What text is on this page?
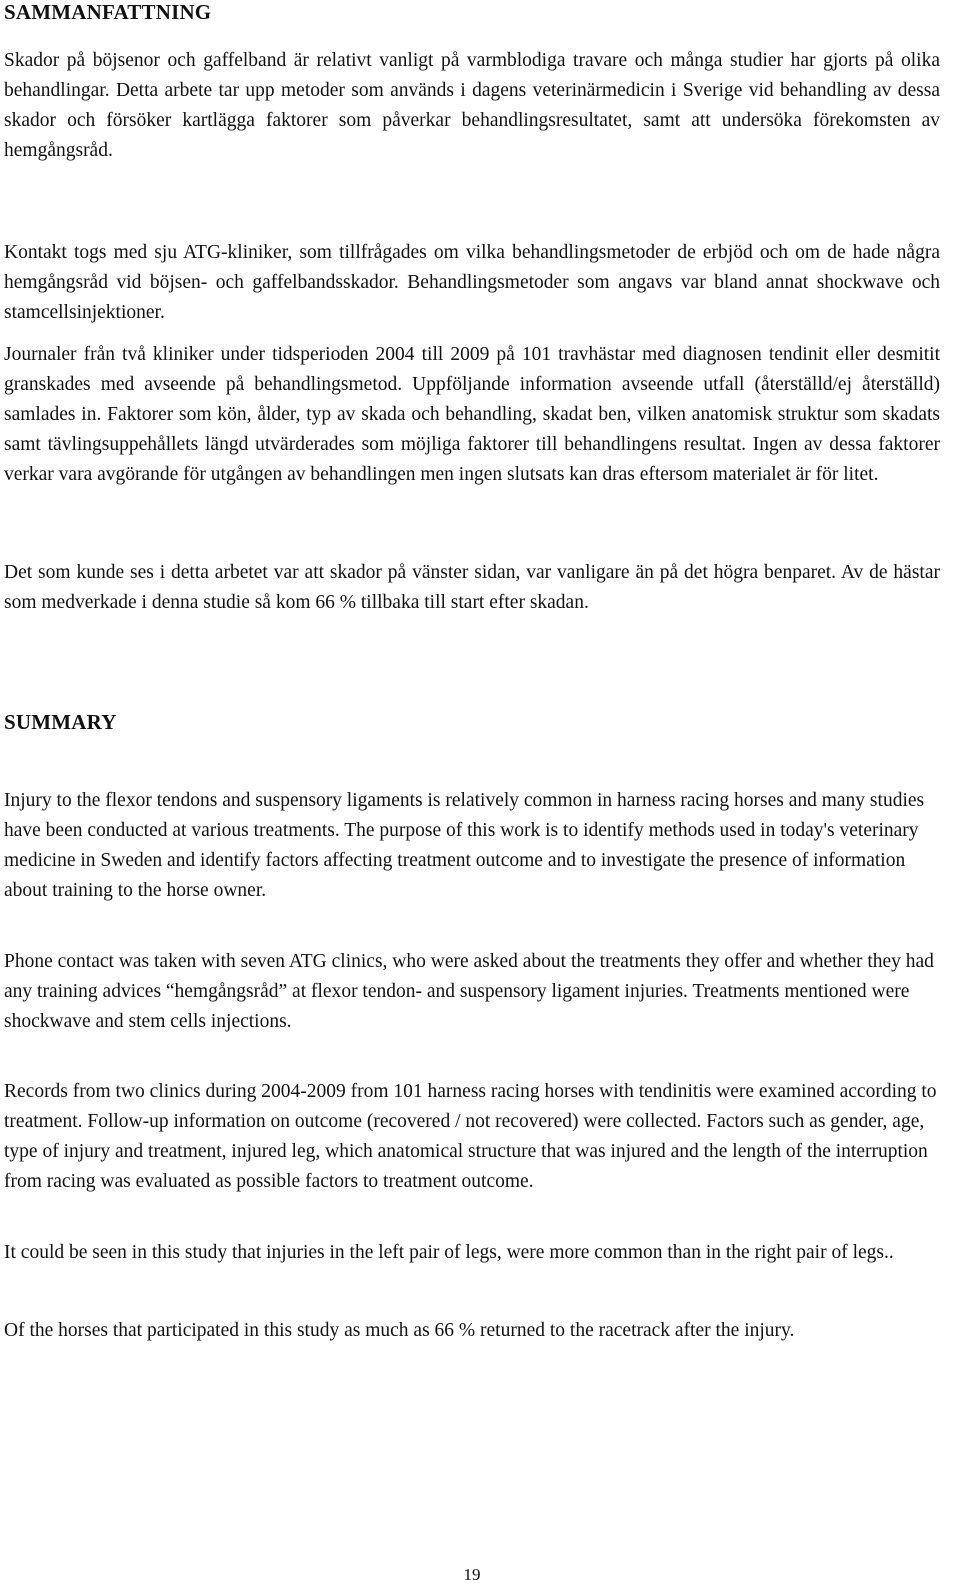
SAMMANFATTNING

Skador på böjsenor och gaffelband är relativt vanligt på varmblodiga travare och många studier har gjorts på olika behandlingar. Detta arbete tar upp metoder som används i dagens veterinärmedicin i Sverige vid behandling av dessa skador och försöker kartlägga faktorer som påverkar behandlingsresultatet, samt att undersöka förekomsten av hemgångsråd.

Kontakt togs med sju ATG-kliniker, som tillfrågades om vilka behandlingsmetoder de erbjöd och om de hade några hemgångsråd vid böjsen- och gaffelbandsskador. Behandlingsmetoder som angavs var bland annat shockwave och stamcellsinjektioner.

Journaler från två kliniker under tidsperioden 2004 till 2009 på 101 travhästar med diagnosen tendinit eller desmitit granskades med avseende på behandlingsmetod. Uppföljande information avseende utfall (återställd/ej återställd) samlades in. Faktorer som kön, ålder, typ av skada och behandling, skadat ben, vilken anatomisk struktur som skadats samt tävlingsuppehållets längd utvärderades som möjliga faktorer till behandlingens resultat. Ingen av dessa faktorer verkar vara avgörande för utgången av behandlingen men ingen slutsats kan dras eftersom materialet är för litet.

Det som kunde ses i detta arbetet var att skador på vänster sidan, var vanligare än på det högra benparet. Av de hästar som medverkade i denna studie så kom 66 % tillbaka till start efter skadan.

SUMMARY

Injury to the flexor tendons and suspensory ligaments is relatively common in harness racing horses and many studies have been conducted at various treatments. The purpose of this work is to identify methods used in today's veterinary medicine in Sweden and identify factors affecting treatment outcome and to investigate the presence of information about training to the horse owner.

Phone contact was taken with seven ATG clinics, who were asked about the treatments they offer and whether they had any training advices “hemgångsråd” at flexor tendon- and suspensory ligament injuries. Treatments mentioned were shockwave and stem cells injections.

Records from two clinics during 2004-2009 from 101 harness racing horses with tendinitis were examined according to treatment. Follow-up information on outcome (recovered / not recovered) were collected. Factors such as gender, age, type of injury and treatment, injured leg, which anatomical structure that was injured and the length of the interruption from racing was evaluated as possible factors to treatment outcome.

It could be seen in this study that injuries in the left pair of legs, were more common than in the right pair of legs..

Of the horses that participated in this study as much as 66 % returned to the racetrack after the injury.

19
